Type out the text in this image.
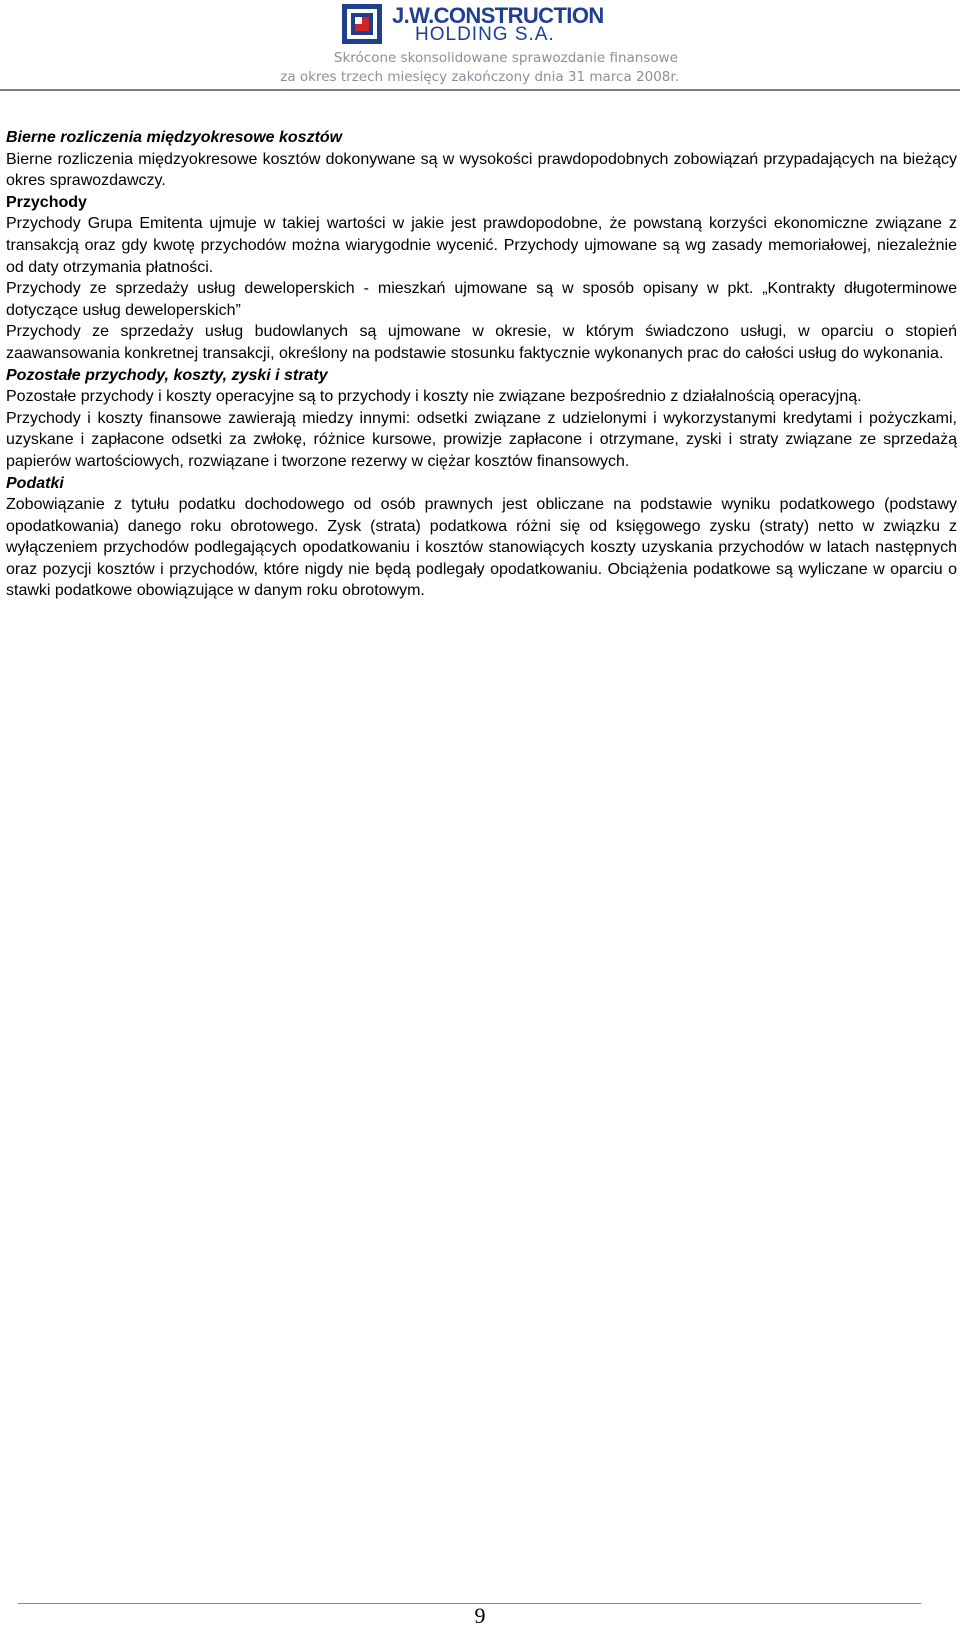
J.W.CONSTRUCTION
HOLDING S.A.
Skrócone skonsolidowane sprawozdanie finansowe
za okres trzech miesięcy zakończony dnia 31 marca 2008r.
Bierne rozliczenia międzyokresowe kosztów

Bierne rozliczenia międzyokresowe kosztów dokonywane są w wysokości prawdopodobnych zobowiązań przypadających na bieżący okres sprawozdawczy.

Przychody

Przychody Grupa Emitenta ujmuje w takiej wartości w jakie jest prawdopodobne, że powstaną korzyści ekonomiczne związane z transakcją oraz gdy kwotę przychodów można wiarygodnie wycenić. Przychody ujmowane są wg zasady memoriałowej, niezależnie od daty otrzymania płatności.

Przychody ze sprzedaży usług deweloperskich - mieszkań ujmowane są w sposób opisany w pkt. „Kontrakty długoterminowe dotyczące usług deweloperskich”

Przychody ze sprzedaży usług budowlanych są ujmowane w okresie, w którym świadczono usługi, w oparciu o stopień zaawansowania konkretnej transakcji, określony na podstawie stosunku faktycznie wykonanych prac do całości usług do wykonania.

Pozostałe przychody, koszty, zyski i straty

Pozostałe przychody i koszty operacyjne są to przychody i koszty nie związane bezpośrednio z działalnością operacyjną.

Przychody i koszty finansowe zawierają miedzy innymi: odsetki związane z udzielonymi i wykorzystanymi kredytami i pożyczkami, uzyskane i zapłacone odsetki za zwłokę, różnice kursowe, prowizje zapłacone i otrzymane, zyski i straty związane ze sprzedażą papierów wartościowych, rozwiązane i tworzone rezerwy w ciężar kosztów finansowych.

Podatki

Zobowiązanie z tytułu podatku dochodowego od osób prawnych jest obliczane na podstawie wyniku podatkowego (podstawy opodatkowania) danego roku obrotowego. Zysk (strata) podatkowa różni się od księgowego zysku (straty) netto w związku z wyłączeniem przychodów podlegających opodatkowaniu i kosztów stanowiących koszty uzyskania przychodów w latach następnych oraz pozycji kosztów i przychodów, które nigdy nie będą podlegały opodatkowaniu. Obciążenia podatkowe są wyliczane w oparciu o stawki podatkowe obowiązujące w danym roku obrotowym.

9
